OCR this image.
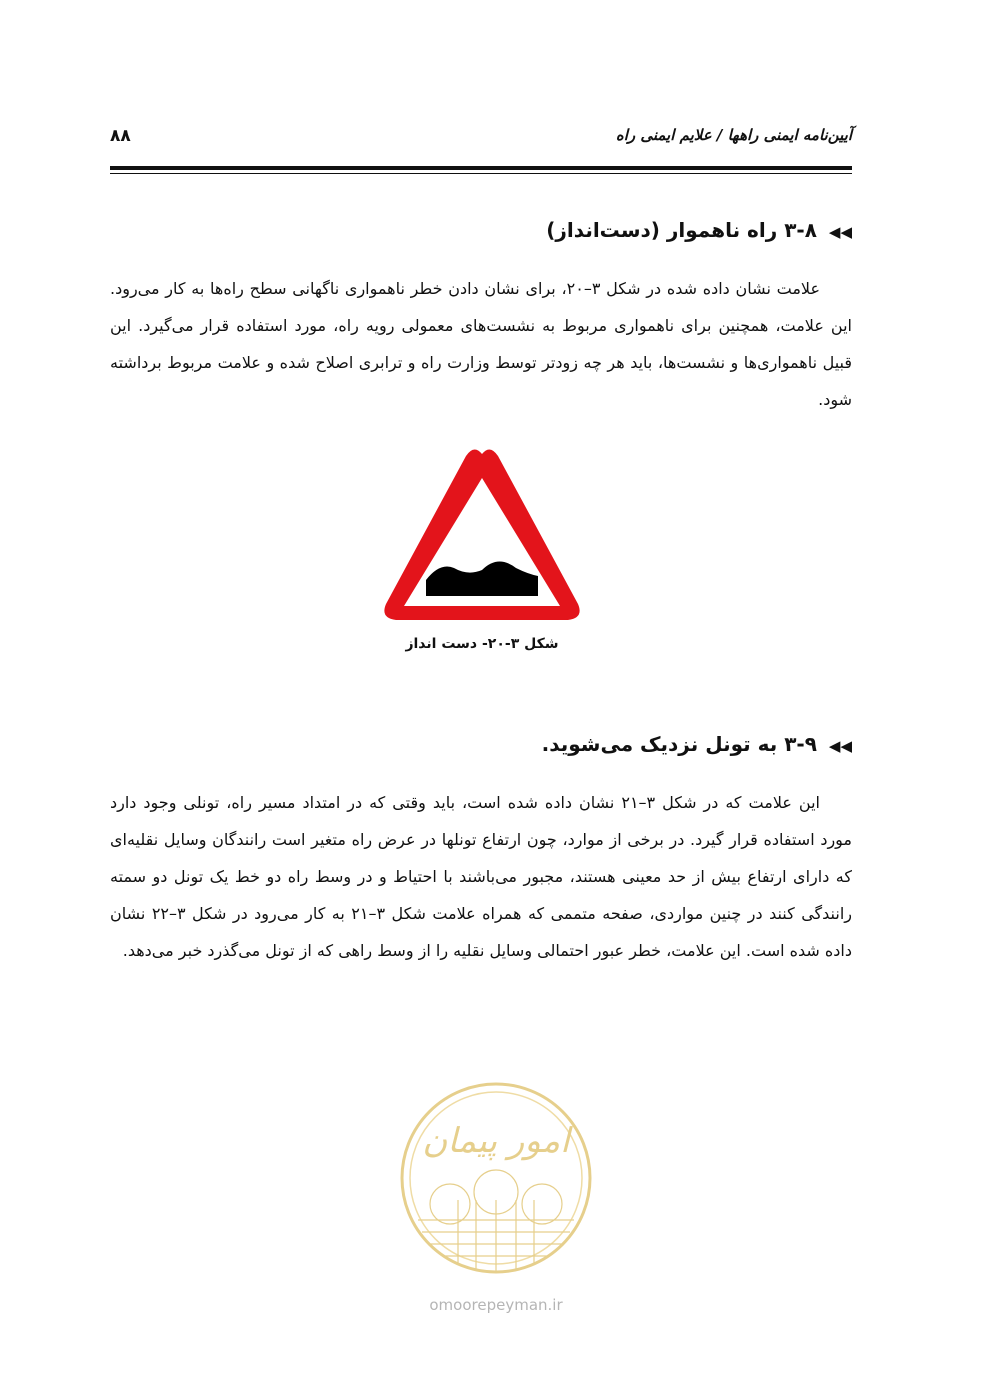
آیین‌نامه ایمنی راهها / علایم ایمنی راه
۸۸
◀◀۳-۸ راه ناهموار (دست‌انداز)

علامت نشان داده شده در شکل ۳–۲۰، برای نشان دادن خطر ناهمواری ناگهانی سطح راه‌ها به کار می‌رود. این علامت، همچنین برای ناهمواری مربوط به نشست‌های معمولی رویه راه، مورد استفاده قرار می‌گیرد. این قبیل ناهمواری‌ها و نشست‌ها، باید هر چه زودتر توسط وزارت راه و ترابری اصلاح شده و علامت مربوط برداشته شود.

شکل ۳-۲۰- دست انداز
◀◀۳-۹ به تونل نزدیک می‌شوید.

این علامت که در شکل ۳–۲۱ نشان داده شده است، باید وقتی که در امتداد مسیر راه، تونلی وجود دارد مورد استفاده قرار گیرد. در برخی از موارد، چون ارتفاع تونلها در عرض راه متغیر است رانندگان وسایل نقلیه‌ای که دارای ارتفاع بیش از حد معینی هستند، مجبور می‌باشند با احتیاط و در وسط راه دو خط یک تونل دو سمته رانندگی کنند در چنین مواردی، صفحه متممی که همراه علامت شکل ۳–۲۱ به کار می‌رود در شکل ۳–۲۲ نشان داده شده است. این علامت، خطر عبور احتمالی وسایل نقلیه را از وسط راهی که از تونل می‌گذرد خبر می‌دهد.

امور پیمان
omoorepeyman.ir
